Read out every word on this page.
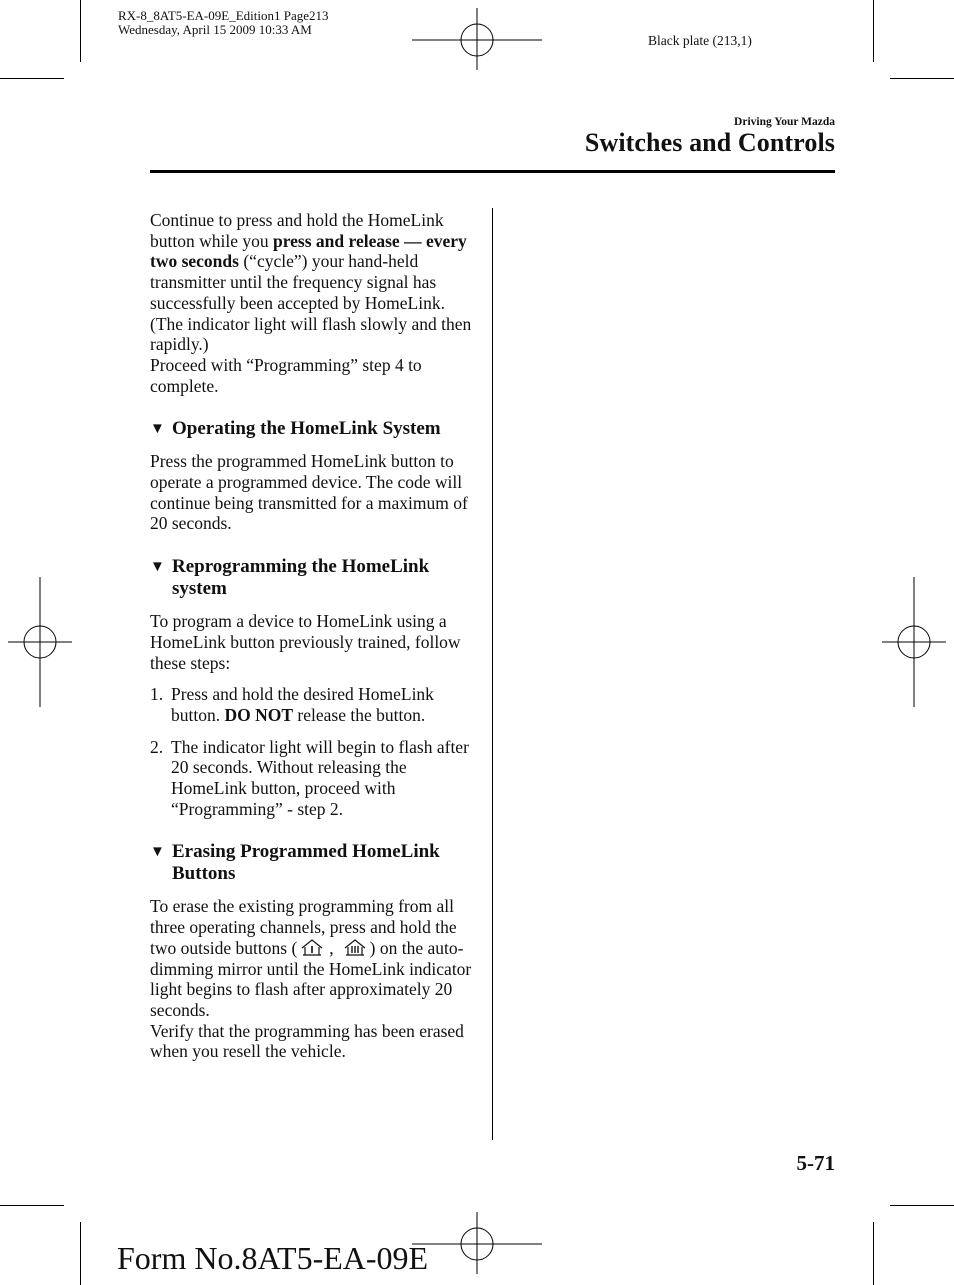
RX-8_8AT5-EA-09E_Edition1 Page213
Wednesday, April 15 2009 10:33 AM
Black plate (213,1)
Driving Your Mazda
Switches and Controls

Continue to press and hold the HomeLink button while you press and release — every two seconds (“cycle”) your hand-held transmitter until the frequency signal has successfully been accepted by HomeLink. (The indicator light will flash slowly and then rapidly.)

Proceed with “Programming” step 4 to complete.

▼ Operating the HomeLink System

Press the programmed HomeLink button to operate a programmed device. The code will continue being transmitted for a maximum of 20 seconds.

▼ Reprogramming the HomeLink system

To program a device to HomeLink using a HomeLink button previously trained, follow these steps:

1. Press and hold the desired HomeLink button. DO NOT release the button.
2. The indicator light will begin to flash after 20 seconds. Without releasing the HomeLink button, proceed with “Programming” - step 2.
▼ Erasing Programmed HomeLink Buttons

To erase the existing programming from all three operating channels, press and hold the two outside buttons ( , ) on the auto-dimming mirror until the HomeLink indicator light begins to flash after approximately 20 seconds.

Verify that the programming has been erased when you resell the vehicle.

5-71
Form No.8AT5-EA-09E
